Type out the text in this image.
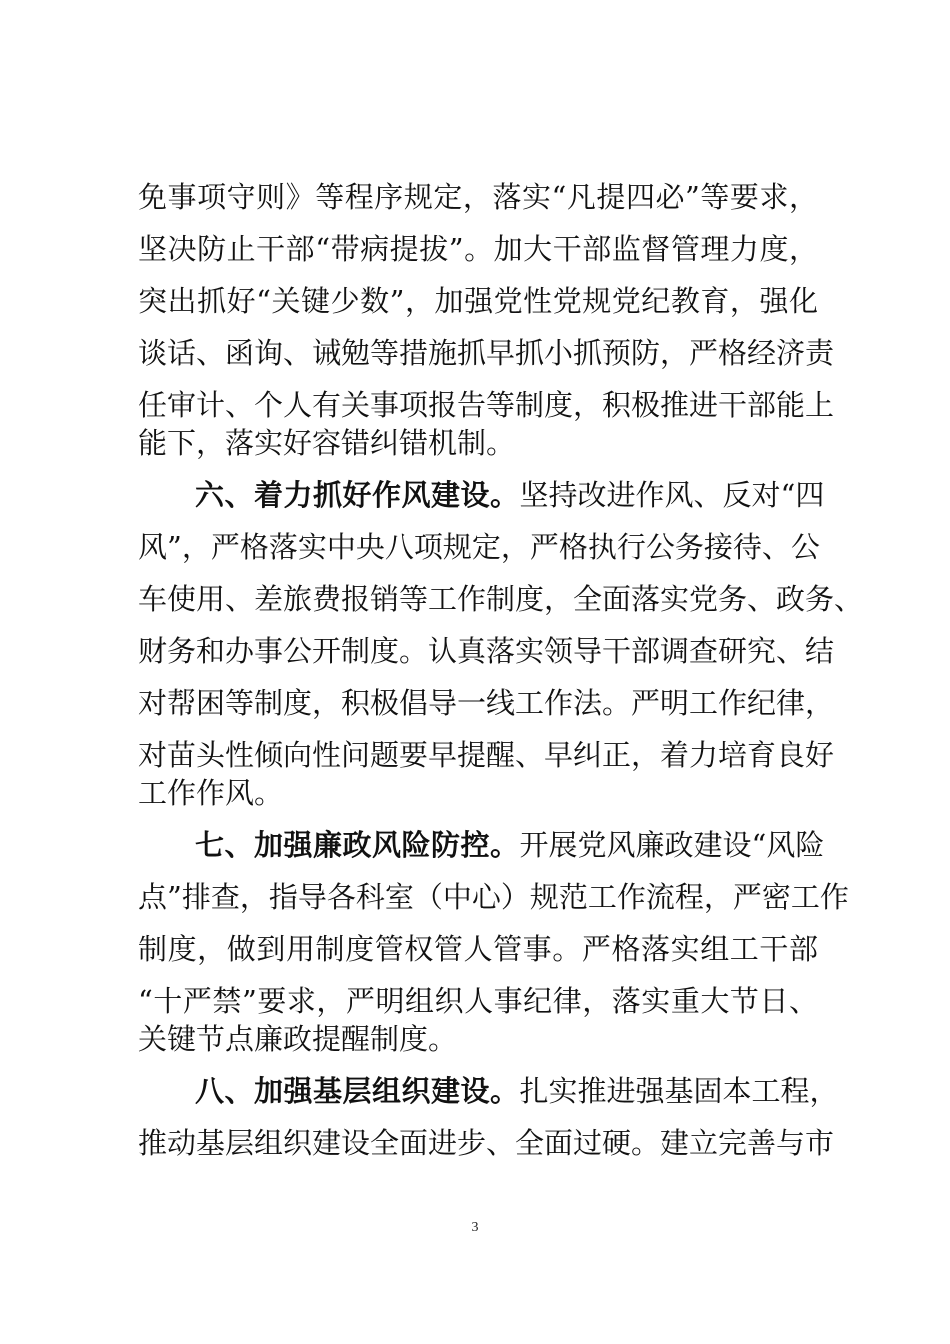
免事项守则》等程序规定，落实“凡提四必”等要求，
坚决防止干部“带病提拔”。加大干部监督管理力度，
突出抓好“关键少数”，加强党性党规党纪教育，强化
谈话、函询、诫勉等措施抓早抓小抓预防，严格经济责
任审计、个人有关事项报告等制度，积极推进干部能上
能下，落实好容错纠错机制。
六、着力抓好作风建设。坚持改进作风、反对“四
风”，严格落实中央八项规定，严格执行公务接待、公
车使用、差旅费报销等工作制度，全面落实党务、政务、
财务和办事公开制度。认真落实领导干部调查研究、结
对帮困等制度，积极倡导一线工作法。严明工作纪律，
对苗头性倾向性问题要早提醒、早纠正，着力培育良好
工作作风。
七、加强廉政风险防控。开展党风廉政建设“风险
点”排查，指导各科室（中心）规范工作流程，严密工作
制度，做到用制度管权管人管事。严格落实组工干部
“十严禁”要求，严明组织人事纪律，落实重大节日、
关键节点廉政提醒制度。
八、加强基层组织建设。扎实推进强基固本工程，
推动基层组织建设全面进步、全面过硬。建立完善与市
3
